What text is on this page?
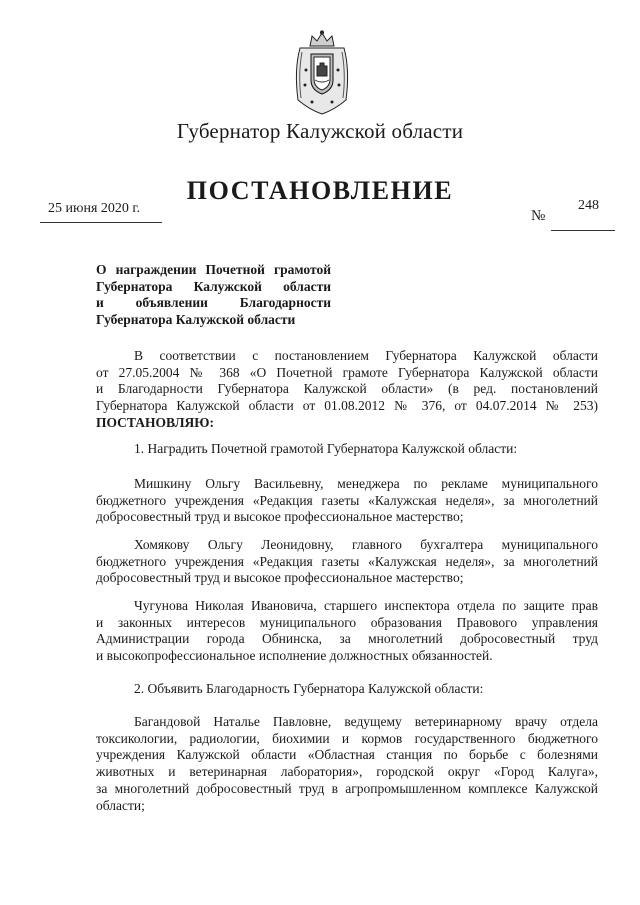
Губернатор Калужской области
ПОСТАНОВЛЕНИЕ
25 июня 2020 г.	№
248
О награждении Почетной грамотой
Губернатора Калужской области
и объявлении Благодарности
Губернатора Калужской области
В соответствии с постановлением Губернатора Калужской области
от 27.05.2004 № 368 «О Почетной грамоте Губернатора Калужской области
и Благодарности Губернатора Калужской области» (в ред. постановлений
Губернатора Калужской области от 01.08.2012 № 376, от 04.07.2014 № 253)
ПОСТАНОВЛЯЮ:
1. Наградить Почетной грамотой Губернатора Калужской области:
Мишкину Ольгу Васильевну, менеджера по рекламе муниципального
бюджетного учреждения «Редакция газеты «Калужская неделя», за многолетний
добросовестный труд и высокое профессиональное мастерство;
Хомякову Ольгу Леонидовну, главного бухгалтера муниципального
бюджетного учреждения «Редакция газеты «Калужская неделя», за многолетний
добросовестный труд и высокое профессиональное мастерство;
Чугунова Николая Ивановича, старшего инспектора отдела по защите прав
и законных интересов муниципального образования Правового управления
Администрации города Обнинска, за многолетний добросовестный труд
и высокопрофессиональное исполнение должностных обязанностей.
2. Объявить Благодарность Губернатора Калужской области:
Багандовой Натальe Павловне, ведущему ветеринарному врачу отдела
токсикологии, радиологии, биохимии и кормов государственного бюджетного
учреждения Калужской области «Областная станция по борьбе с болезнями
животных и ветеринарная лаборатория», городской округ «Город Калуга»,
за многолетний добросовестный труд в агропромышленном комплексе Калужской
области;
